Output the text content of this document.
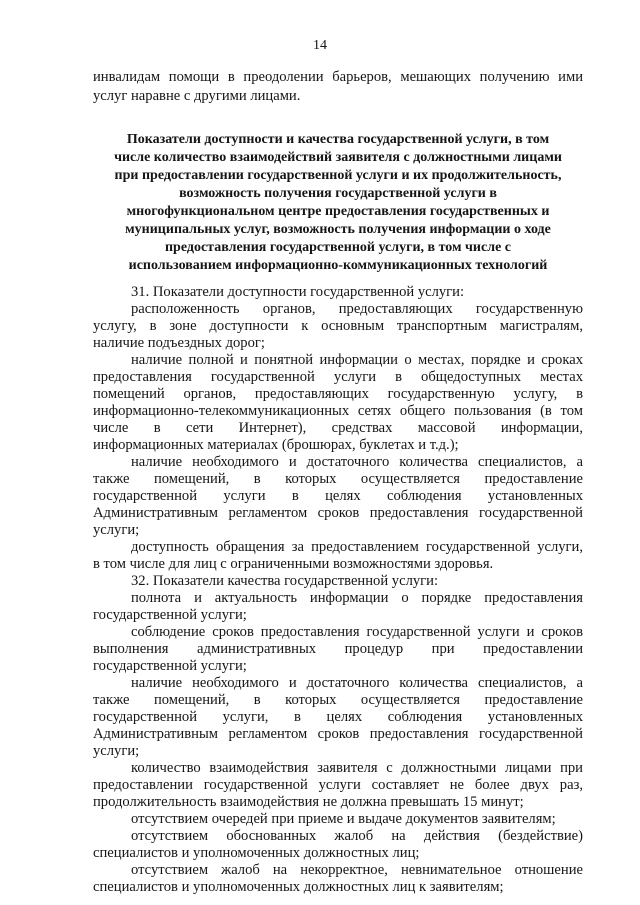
14
инвалидам помощи в преодолении барьеров, мешающих получению ими
услуг наравне с другими лицами.
Показатели доступности и качества государственной услуги, в том
числе количество взаимодействий заявителя с должностными лицами
при предоставлении государственной услуги и их продолжительность,
возможность получения государственной услуги в
многофункциональном центре предоставления государственных и
муниципальных услуг, возможность получения информации о ходе
предоставления государственной услуги, в том числе с
использованием информационно-коммуникационных технологий
31. Показатели доступности государственной услуги:
расположенность органов, предоставляющих государственную
услугу, в зоне доступности к основным транспортным магистралям,
наличие подъездных дорог;
наличие полной и понятной информации о местах, порядке и сроках
предоставления государственной услуги в общедоступных местах
помещений органов, предоставляющих государственную услугу, в
информационно-телекоммуникационных сетях общего пользования (в том
числе в сети Интернет), средствах массовой информации,
информационных материалах (брошюрах, буклетах и т.д.);
наличие необходимого и достаточного количества специалистов, а
также помещений, в которых осуществляется предоставление
государственной услуги в целях соблюдения установленных
Административным регламентом сроков предоставления государственной
услуги;
доступность обращения за предоставлением государственной услуги,
в том числе для лиц с ограниченными возможностями здоровья.
32. Показатели качества государственной услуги:
полнота и актуальность информации о порядке предоставления
государственной услуги;
соблюдение сроков предоставления государственной услуги и сроков
выполнения административных процедур при предоставлении
государственной услуги;
наличие необходимого и достаточного количества специалистов, а
также помещений, в которых осуществляется предоставление
государственной услуги, в целях соблюдения установленных
Административным регламентом сроков предоставления государственной
услуги;
количество взаимодействия заявителя с должностными лицами при
предоставлении государственной услуги составляет не более двух раз,
продолжительность взаимодействия не должна превышать 15 минут;
отсутствием очередей при приеме и выдаче документов заявителям;
отсутствием обоснованных жалоб на действия (бездействие)
специалистов и уполномоченных должностных лиц;
отсутствием жалоб на некорректное, невнимательное отношение
специалистов и уполномоченных должностных лиц к заявителям;
